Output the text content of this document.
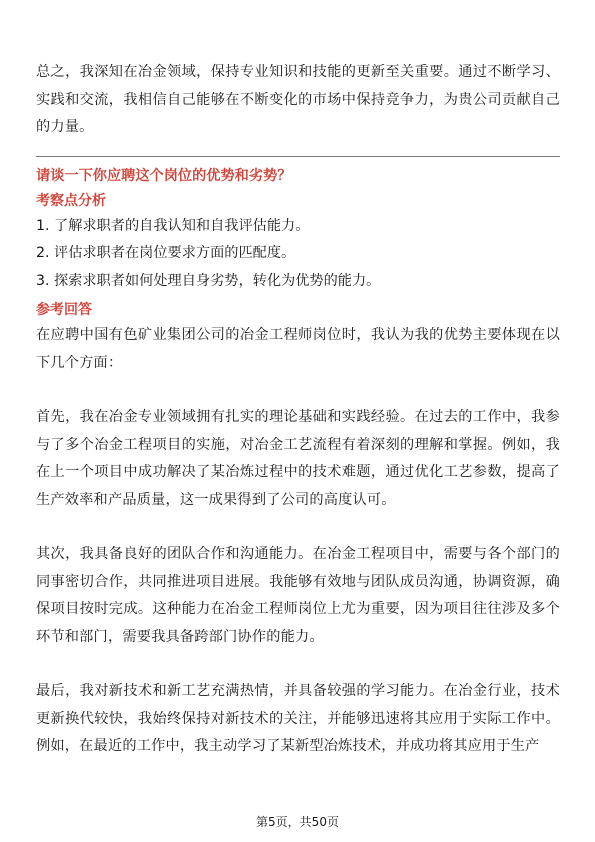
总之，我深知在冶金领域，保持专业知识和技能的更新至关重要。通过不断学习、实践和交流，我相信自己能够在不断变化的市场中保持竞争力，为贵公司贡献自己的力量。

请谈一下你应聘这个岗位的优势和劣势？

考察点分析

1. 了解求职者的自我认知和自我评估能力。

2. 评估求职者在岗位要求方面的匹配度。

3. 探索求职者如何处理自身劣势，转化为优势的能力。

参考回答

在应聘中国有色矿业集团公司的冶金工程师岗位时，我认为我的优势主要体现在以下几个方面：

首先，我在冶金专业领域拥有扎实的理论基础和实践经验。在过去的工作中，我参与了多个冶金工程项目的实施，对冶金工艺流程有着深刻的理解和掌握。例如，我在上一个项目中成功解决了某冶炼过程中的技术难题，通过优化工艺参数，提高了生产效率和产品质量，这一成果得到了公司的高度认可。

其次，我具备良好的团队合作和沟通能力。在冶金工程项目中，需要与各个部门的同事密切合作，共同推进项目进展。我能够有效地与团队成员沟通，协调资源，确保项目按时完成。这种能力在冶金工程师岗位上尤为重要，因为项目往往涉及多个环节和部门，需要我具备跨部门协作的能力。

最后，我对新技术和新工艺充满热情，并具备较强的学习能力。在冶金行业，技术更新换代较快，我始终保持对新技术的关注，并能够迅速将其应用于实际工作中。例如，在最近的工作中，我主动学习了某新型冶炼技术，并成功将其应用于生产

第5页，共50页
